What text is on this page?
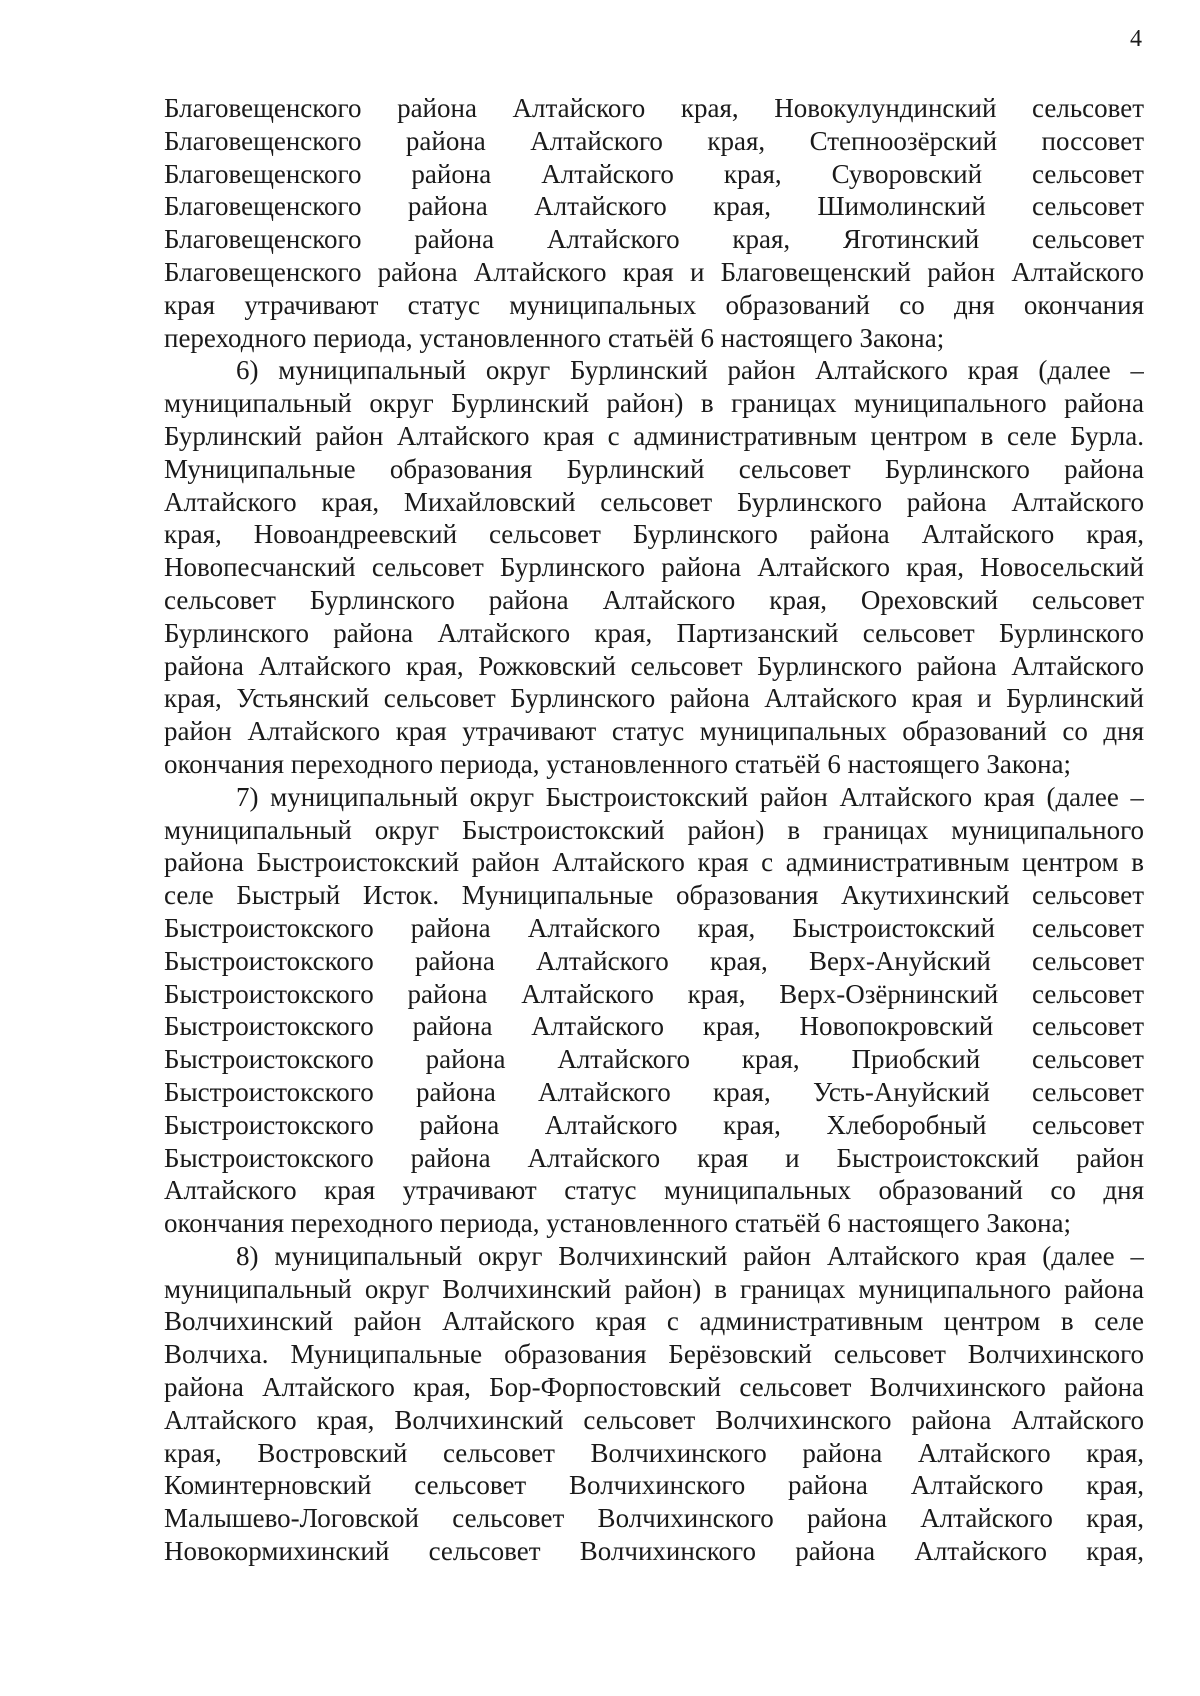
4
Благовещенского района Алтайского края, Новокулундинский сельсовет
Благовещенского района Алтайского края, Степноозёрский поссовет
Благовещенского района Алтайского края, Суворовский сельсовет
Благовещенского района Алтайского края, Шимолинский сельсовет
Благовещенского района Алтайского края, Яготинский сельсовет
Благовещенского района Алтайского края и Благовещенский район Алтайского
края утрачивают статус муниципальных образований со дня окончания
переходного периода, установленного статьёй 6 настоящего Закона;
6) муниципальный округ Бурлинский район Алтайского края (далее –
муниципальный округ Бурлинский район) в границах муниципального района
Бурлинский район Алтайского края с административным центром в селе Бурла.
Муниципальные образования Бурлинский сельсовет Бурлинского района
Алтайского края, Михайловский сельсовет Бурлинского района Алтайского
края, Новоандреевский сельсовет Бурлинского района Алтайского края,
Новопесчанский сельсовет Бурлинского района Алтайского края, Новосельский
сельсовет Бурлинского района Алтайского края, Ореховский сельсовет
Бурлинского района Алтайского края, Партизанский сельсовет Бурлинского
района Алтайского края, Рожковский сельсовет Бурлинского района Алтайского
края, Устьянский сельсовет Бурлинского района Алтайского края и Бурлинский
район Алтайского края утрачивают статус муниципальных образований со дня
окончания переходного периода, установленного статьёй 6 настоящего Закона;
7) муниципальный округ Быстроистокский район Алтайского края (далее –
муниципальный округ Быстроистокский район) в границах муниципального
района Быстроистокский район Алтайского края с административным центром в
селе Быстрый Исток. Муниципальные образования Акутихинский сельсовет
Быстроистокского района Алтайского края, Быстроистокский сельсовет
Быстроистокского района Алтайского края, Верх-Ануйский сельсовет
Быстроистокского района Алтайского края, Верх-Озёрнинский сельсовет
Быстроистокского района Алтайского края, Новопокровский сельсовет
Быстроистокского района Алтайского края, Приобский сельсовет
Быстроистокского района Алтайского края, Усть-Ануйский сельсовет
Быстроистокского района Алтайского края, Хлеборобный сельсовет
Быстроистокского района Алтайского края и Быстроистокский район
Алтайского края утрачивают статус муниципальных образований со дня
окончания переходного периода, установленного статьёй 6 настоящего Закона;
8) муниципальный округ Волчихинский район Алтайского края (далее –
муниципальный округ Волчихинский район) в границах муниципального района
Волчихинский район Алтайского края с административным центром в селе
Волчиха. Муниципальные образования Берёзовский сельсовет Волчихинского
района Алтайского края, Бор-Форпостовский сельсовет Волчихинского района
Алтайского края, Волчихинский сельсовет Волчихинского района Алтайского
края, Востровский сельсовет Волчихинского района Алтайского края,
Коминтерновский сельсовет Волчихинского района Алтайского края,
Малышево-Логовской сельсовет Волчихинского района Алтайского края,
Новокормихинский сельсовет Волчихинского района Алтайского края,
